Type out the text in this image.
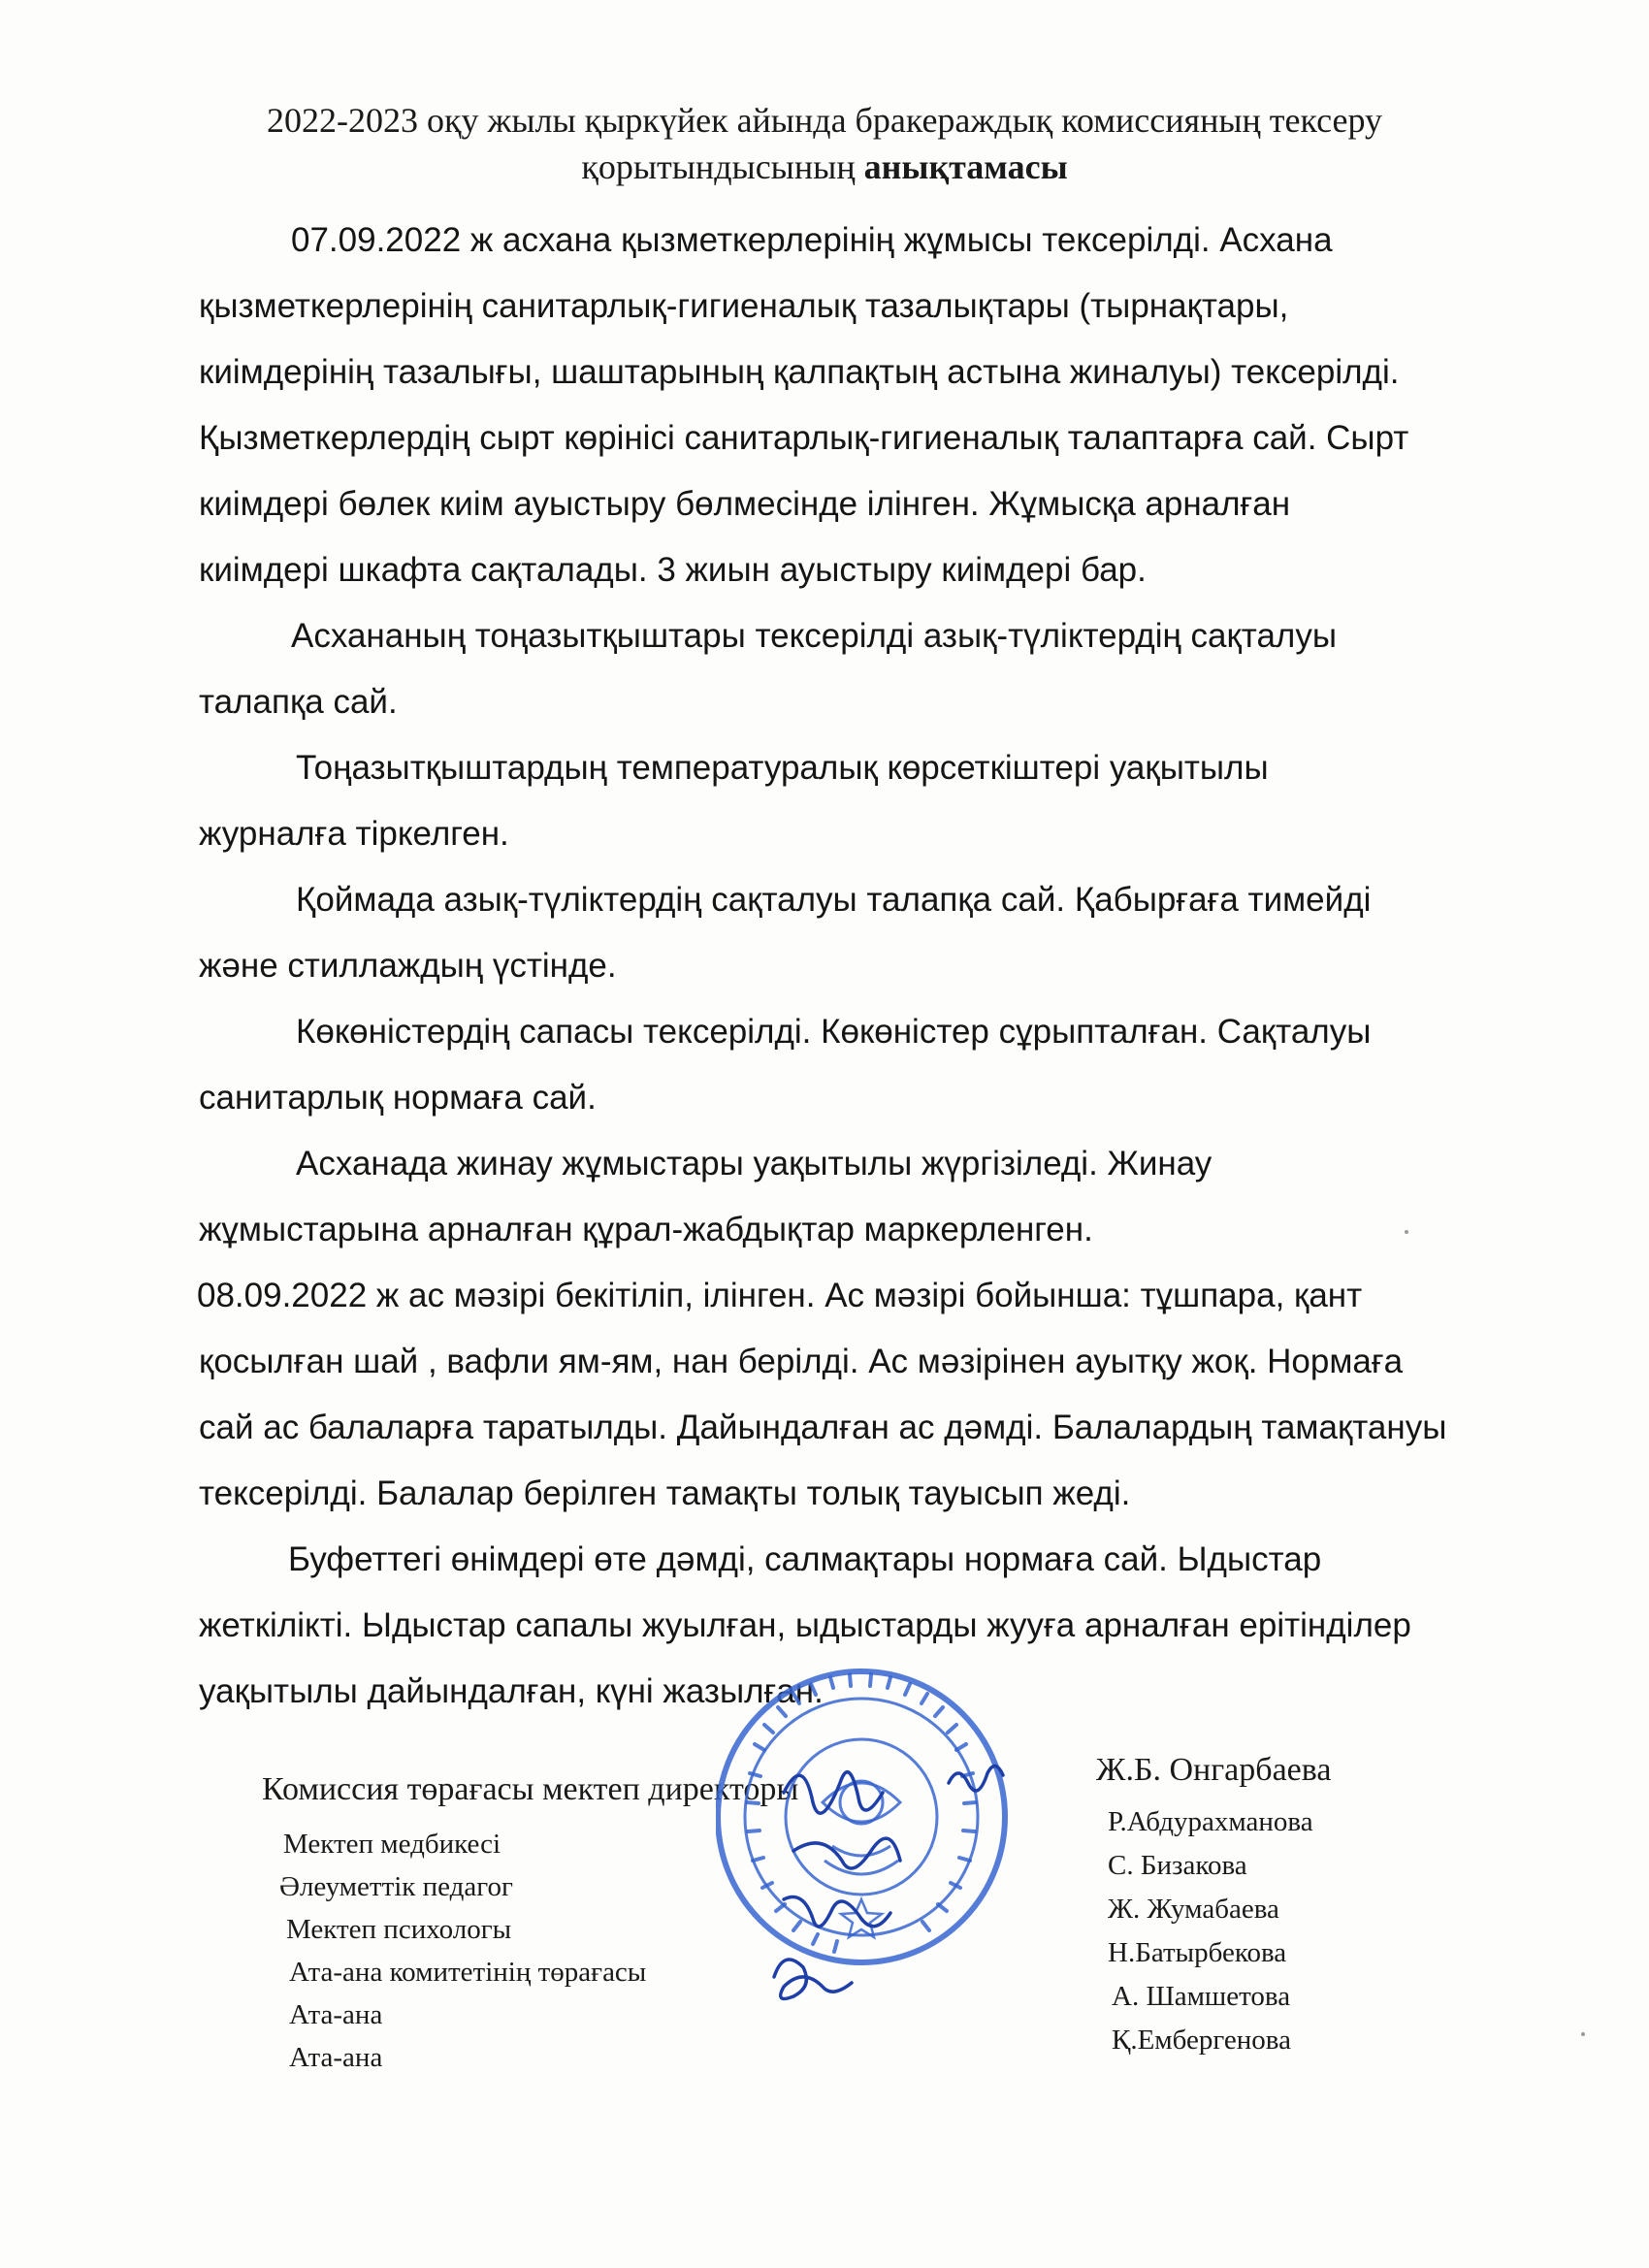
2022-2023 оқу жылы қыркүйек айында бракераждық комиссияның тексеру
қорытындысының анықтамасы
07.09.2022 ж асхана қызметкерлерінің жұмысы тексерілді. Асхана
қызметкерлерінің санитарлық-гигиеналық тазалықтары (тырнақтары,
киімдерінің тазалығы, шаштарының қалпақтың астына жиналуы) тексерілді.
Қызметкерлердің сырт көрінісі санитарлық-гигиеналық талаптарға сай. Сырт
киімдері бөлек киім ауыстыру бөлмесінде ілінген. Жұмысқа арналған
киімдері шкафта сақталады. 3 жиын ауыстыру киімдері бар.
Асхананың тоңазытқыштары тексерілді азық-түліктердің сақталуы
талапқа сай.
Тоңазытқыштардың температуралық көрсеткіштері уақытылы
журналға тіркелген.
Қоймада азық-түліктердің сақталуы талапқа сай. Қабырғаға тимейді
және стиллаждың үстінде.
Көкөністердің сапасы тексерілді. Көкөністер сұрыпталған. Сақталуы
санитарлық нормаға сай.
Асханада жинау жұмыстары уақытылы жүргізіледі. Жинау
жұмыстарына арналған құрал-жабдықтар маркерленген.
08.09.2022 ж ас мәзірі бекітіліп, ілінген. Ас мәзірі бойынша: тұшпара, қант
қосылған шай , вафли ям-ям, нан берілді. Ас мәзірінен ауытқу жоқ. Нормаға
сай ас балаларға таратылды. Дайындалған ас дәмді. Балалардың тамақтануы
тексерілді. Балалар берілген тамақты толық тауысып жеді.
Буфеттегі өнімдері өте дәмді, салмақтары нормаға сай. Ыдыстар
жеткілікті. Ыдыстар сапалы жуылған, ыдыстарды жууға арналған ерітінділер
уақытылы дайындалған, күні жазылған.
Комиссия төрағасы мектеп директоры
Мектеп медбикесі
Әлеуметтік педагог
Мектеп психологы
Ата-ана комитетінің төрағасы
Ата-ана
Ата-ана
Ж.Б. Онгарбаева
Р.Абдурахманова
С. Бизакова
Ж. Жумабаева
Н.Батырбекова
А. Шамшетова
Қ.Ембергенова
